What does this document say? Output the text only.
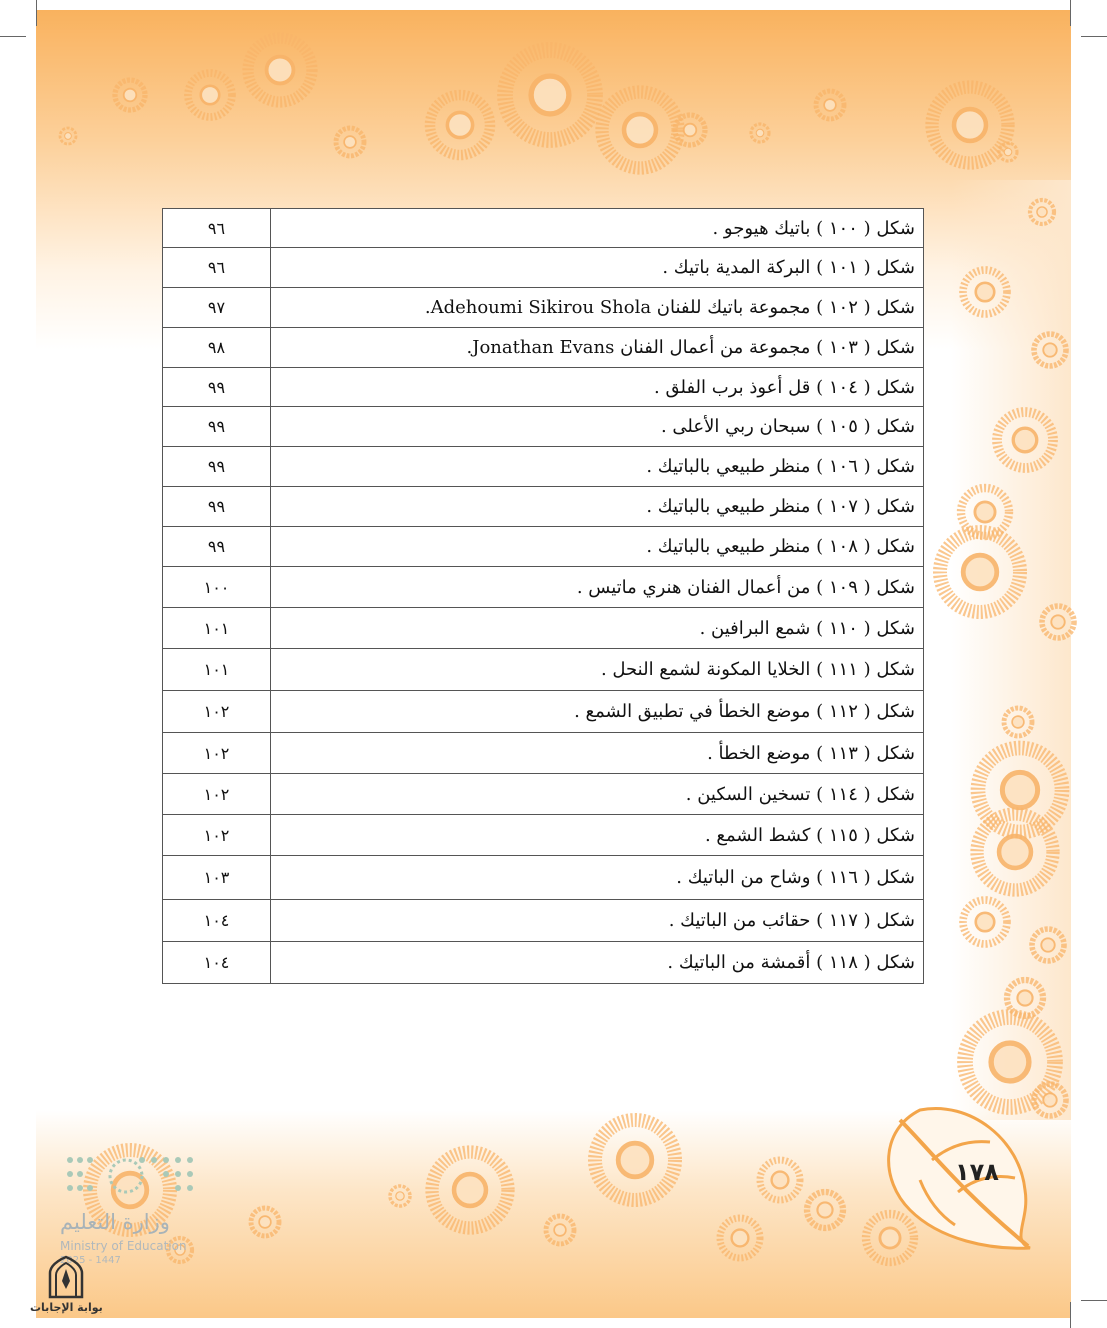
شكل ( ١٠٠ ) باتيك هيوجو .	٩٦
شكل ( ١٠١ ) البركة المدية باتيك .	٩٦
شكل ( ١٠٢ ) مجموعة باتيك للفنان Adehoumi Sikirou Shola.	٩٧
شكل ( ١٠٣ ) مجموعة من أعمال الفنان Jonathan Evans.	٩٨
شكل ( ١٠٤ ) قل أعوذ برب الفلق .	٩٩
شكل ( ١٠٥ ) سبحان ربي الأعلى .	٩٩
شكل ( ١٠٦ ) منظر طبيعي بالباتيك .	٩٩
شكل ( ١٠٧ ) منظر طبيعي بالباتيك .	٩٩
شكل ( ١٠٨ ) منظر طبيعي بالباتيك .	٩٩
شكل ( ١٠٩ ) من أعمال الفنان هنري ماتيس .	١٠٠
شكل ( ١١٠ ) شمع البرافين .	١٠١
شكل ( ١١١ ) الخلايا المكونة لشمع النحل .	١٠١
شكل ( ١١٢ ) موضع الخطأ في تطبيق الشمع .	١٠٢
شكل ( ١١٣ ) موضع الخطأ .	١٠٢
شكل ( ١١٤ ) تسخين السكين .	١٠٢
شكل ( ١١٥ ) كشط الشمع .	١٠٢
شكل ( ١١٦ ) وشاح من الباتيك .	١٠٣
شكل ( ١١٧ ) حقائب من الباتيك .	١٠٤
شكل ( ١١٨ ) أقمشة من الباتيك .	١٠٤
١٧٨
وزارة التعليم
Ministry of Education
2025 - 1447
بوابة الإجابات
